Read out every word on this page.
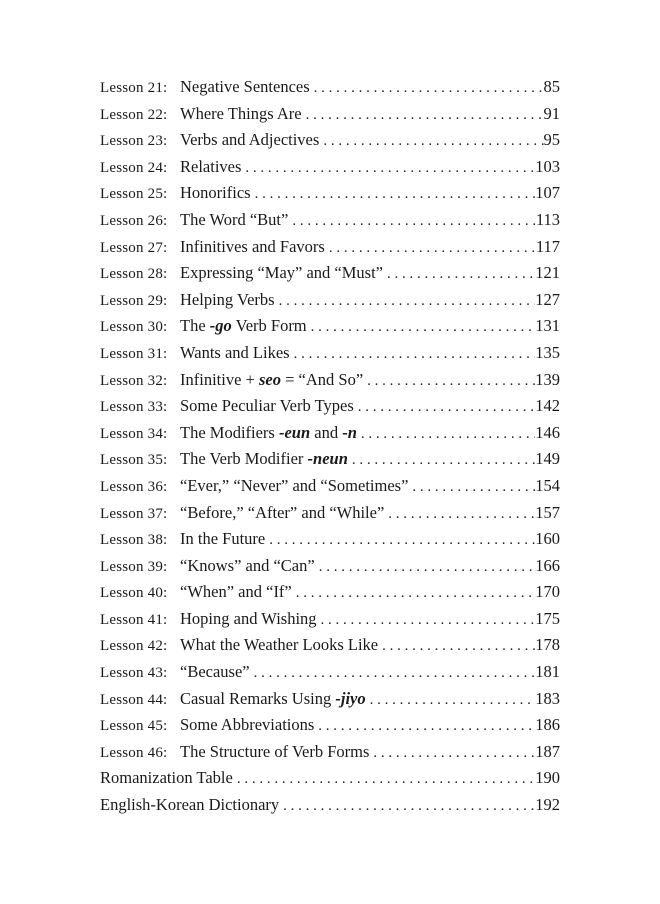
Lesson 21: Negative Sentences . . .	85
Lesson 22: Where Things Are . . .	91
Lesson 23: Verbs and Adjectives . . .	95
Lesson 24: Relatives . . .	103
Lesson 25: Honorifics . . .	107
Lesson 26: The Word “But” . . .	113
Lesson 27: Infinitives and Favors . . .	117
Lesson 28: Expressing “May” and “Must” . . .	121
Lesson 29: Helping Verbs . . .	127
Lesson 30: The -go Verb Form . . .	131
Lesson 31: Wants and Likes . . .	135
Lesson 32: Infinitive + seo = “And So” . . .	139
Lesson 33: Some Peculiar Verb Types . . .	142
Lesson 34: The Modifiers -eun and -n . . .	146
Lesson 35: The Verb Modifier -neun . . .	149
Lesson 36: “Ever,” “Never” and “Sometimes” . . .	154
Lesson 37: “Before,” “After” and “While” . . .	157
Lesson 38: In the Future . . .	160
Lesson 39: “Knows” and “Can” . . .	166
Lesson 40: “When” and “If” . . .	170
Lesson 41: Hoping and Wishing . . .	175
Lesson 42: What the Weather Looks Like . . .	178
Lesson 43: “Because” . . .	181
Lesson 44: Casual Remarks Using -jiyo . . .	183
Lesson 45: Some Abbreviations . . .	186
Lesson 46: The Structure of Verb Forms . . .	187
Romanization Table . . .	190
English-Korean Dictionary . . .	192
